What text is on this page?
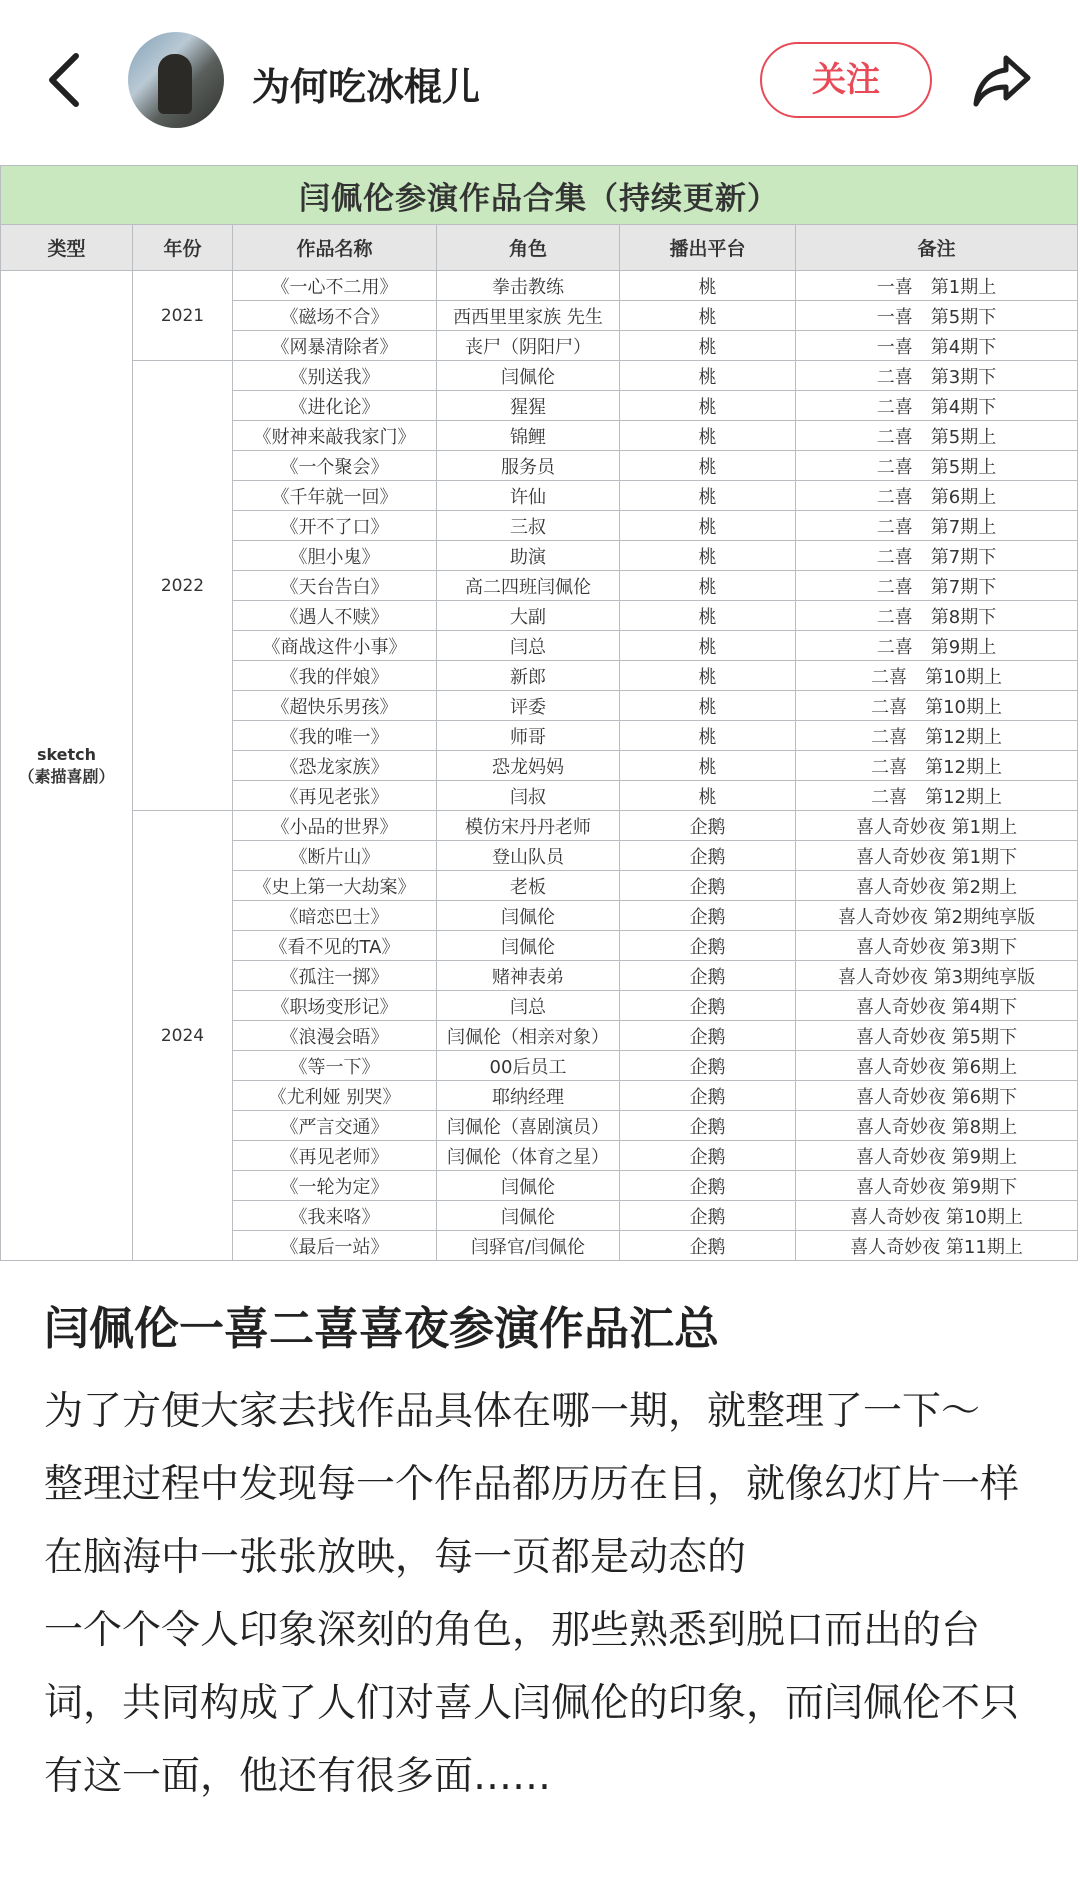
为何吃冰棍儿	关注
闫佩伦参演作品合集（持续更新）					
类型	年份	作品名称	角色	播出平台	备注
sketch
（素描喜剧）	2021	《一心不二用》	拳击教练	桃	一喜　第1期上
		《磁场不合》	西西里里家族 先生	桃	一喜　第5期下
		《网暴清除者》	丧尸（阴阳尸）	桃	一喜　第4期下
	2022	《别送我》	闫佩伦	桃	二喜　第3期下
		《进化论》	猩猩	桃	二喜　第4期下
		《财神来敲我家门》	锦鲤	桃	二喜　第5期上
		《一个聚会》	服务员	桃	二喜　第5期上
		《千年就一回》	许仙	桃	二喜　第6期上
		《开不了口》	三叔	桃	二喜　第7期上
		《胆小鬼》	助演	桃	二喜　第7期下
		《天台告白》	高二四班闫佩伦	桃	二喜　第7期下
		《遇人不赎》	大副	桃	二喜　第8期下
		《商战这件小事》	闫总	桃	二喜　第9期上
		《我的伴娘》	新郎	桃	二喜　第10期上
		《超快乐男孩》	评委	桃	二喜　第10期上
		《我的唯一》	师哥	桃	二喜　第12期上
		《恐龙家族》	恐龙妈妈	桃	二喜　第12期上
		《再见老张》	闫叔	桃	二喜　第12期上
	2024	《小品的世界》	模仿宋丹丹老师	企鹅	喜人奇妙夜 第1期上
		《断片山》	登山队员	企鹅	喜人奇妙夜 第1期下
		《史上第一大劫案》	老板	企鹅	喜人奇妙夜 第2期上
		《暗恋巴士》	闫佩伦	企鹅	喜人奇妙夜 第2期纯享版
		《看不见的TA》	闫佩伦	企鹅	喜人奇妙夜 第3期下
		《孤注一掷》	赌神表弟	企鹅	喜人奇妙夜 第3期纯享版
		《职场变形记》	闫总	企鹅	喜人奇妙夜 第4期下
		《浪漫会晤》	闫佩伦（相亲对象）	企鹅	喜人奇妙夜 第5期下
		《等一下》	00后员工	企鹅	喜人奇妙夜 第6期上
		《尤利娅 别哭》	耶纳经理	企鹅	喜人奇妙夜 第6期下
		《严言交通》	闫佩伦（喜剧演员）	企鹅	喜人奇妙夜 第8期上
		《再见老师》	闫佩伦（体育之星）	企鹅	喜人奇妙夜 第9期上
		《一轮为定》	闫佩伦	企鹅	喜人奇妙夜 第9期下
		《我来咯》	闫佩伦	企鹅	喜人奇妙夜 第10期上
		《最后一站》	闫驿官/闫佩伦	企鹅	喜人奇妙夜 第11期上
闫佩伦一喜二喜喜夜参演作品汇总

为了方便大家去找作品具体在哪一期，就整理了一下～

整理过程中发现每一个作品都历历在目，就像幻灯片一样在脑海中一张张放映，每一页都是动态的

一个个令人印象深刻的角色，那些熟悉到脱口而出的台词，共同构成了人们对喜人闫佩伦的印象，而闫佩伦不只有这一面，他还有很多面……
